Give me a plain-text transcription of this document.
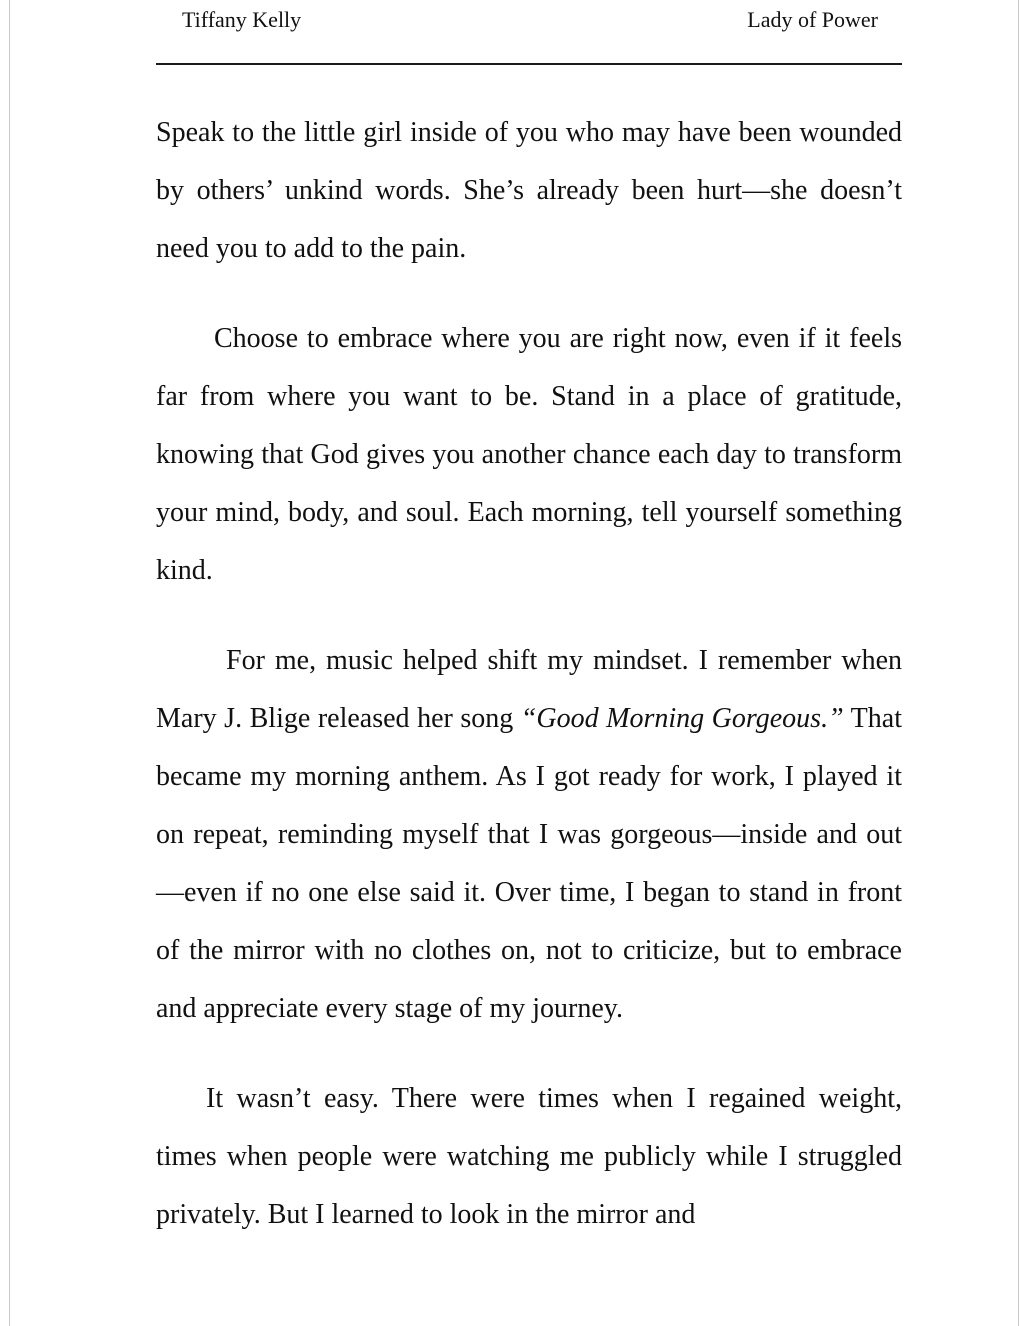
Tiffany Kelly	Lady of Power

Speak to the little girl inside of you who may have been wounded by others’ unkind words. She’s already been hurt—she doesn’t need you to add to the pain.

Choose to embrace where you are right now, even if it feels far from where you want to be. Stand in a place of gratitude, knowing that God gives you another chance each day to transform your mind, body, and soul. Each morning, tell yourself something kind.

For me, music helped shift my mindset. I remember when Mary J. Blige released her song “Good Morning Gorgeous.” That became my morning anthem. As I got ready for work, I played it on repeat, reminding myself that I was gorgeous—inside and out—even if no one else said it. Over time, I began to stand in front of the mirror with no clothes on, not to criticize, but to embrace and appreciate every stage of my journey.

It wasn’t easy. There were times when I regained weight, times when people were watching me publicly while I struggled privately. But I learned to look in the mirror and
